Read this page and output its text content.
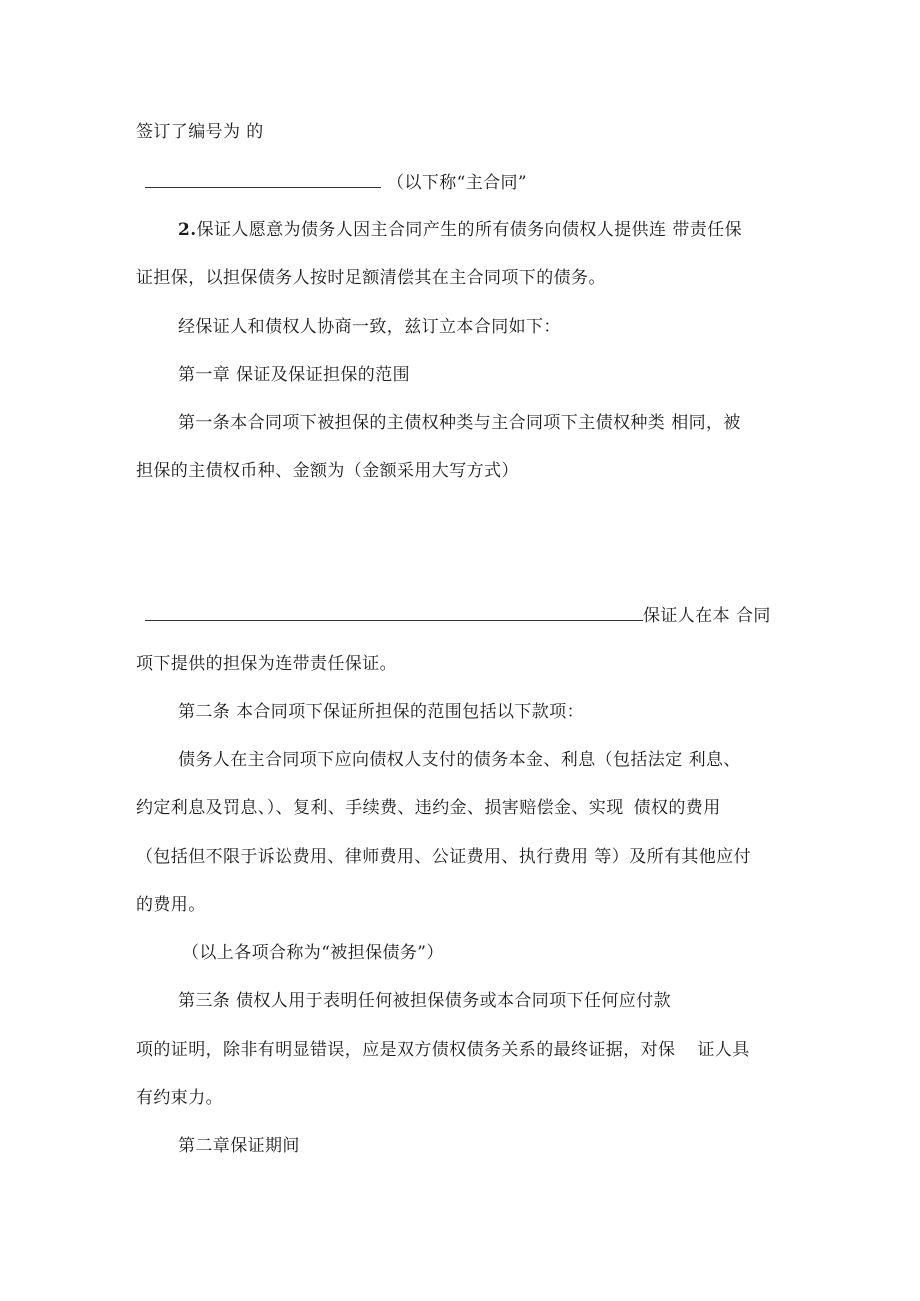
签订了编号为 的
（以下称“主合同”
2.保证人愿意为债务人因主合同产生的所有债务向债权人提供连 带责任保
证担保，以担保债务人按时足额清偿其在主合同项下的债务。
经保证人和债权人协商一致，兹订立本合同如下：
第一章 保证及保证担保的范围
第一条本合同项下被担保的主债权种类与主合同项下主债权种类 相同，被
担保的主债权币种、金额为（金额采用大写方式）
保证人在本 合同
项下提供的担保为连带责任保证。
第二条 本合同项下保证所担保的范围包括以下款项：
债务人在主合同项下应向债权人支付的债务本金、利息（包括法定 利息、
约定利息及罚息、）、复利、手续费、违约金、损害赔偿金、实现 债权的费用
（包括但不限于诉讼费用、律师费用、公证费用、执行费用 等）及所有其他应付
的费用。
（以上各项合称为“被担保债务”）
第三条 债权人用于表明任何被担保债务或本合同项下任何应付款
项的证明，除非有明显错误，应是双方债权债务关系的最终证据，对保 证人具
有约束力。
第二章保证期间
